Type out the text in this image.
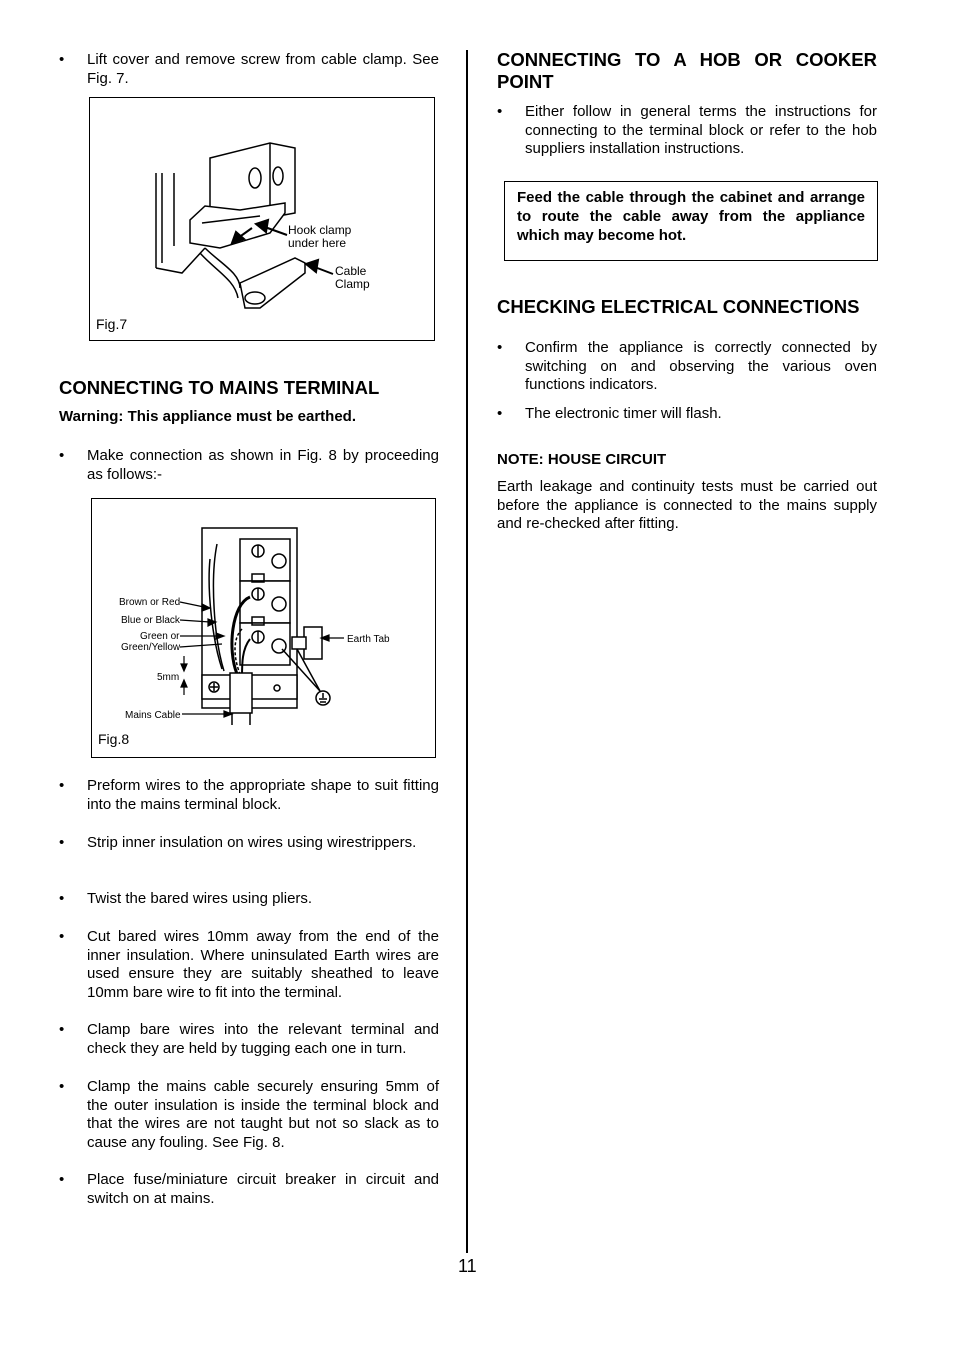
•	Lift cover and remove screw from cable clamp. See Fig. 7.
Hook clamp
under here
Cable
Clamp
Fig.7
CONNECTING TO MAINS TERMINAL
Warning: This appliance must be earthed.
•	Make connection as shown in Fig. 8 by proceeding as follows:-
Brown or Red
Blue or Black
Green or
Green/Yellow
5mm
Mains Cable
Earth Tab
Fig.8
•	Preform wires to the appropriate shape to suit fitting into the mains terminal block.
•	Strip inner insulation on wires using wirestrippers.
•	Twist the bared wires using pliers.
•	Cut bared wires 10mm away from the end of the inner insulation. Where uninsulated Earth wires are used ensure they are suitably sheathed to leave 10mm bare wire to fit into the terminal.
•	Clamp bare wires into the relevant terminal and check they are held by tugging each one in turn.
•	Clamp the mains cable securely ensuring 5mm of the outer insulation is inside the terminal block and that the wires are not taught but not so slack as to cause any fouling. See Fig. 8.
•	Place fuse/miniature circuit breaker in circuit and switch on at mains.
CONNECTING TO A HOB OR COOKER POINT
•	Either follow in general terms the instructions for connecting to the terminal block or refer to the hob suppliers installation instructions.
Feed the cable through the cabinet and arrange to route the cable away from the appliance which may become hot.
CHECKING ELECTRICAL CONNECTIONS
•	Confirm the appliance is correctly connected by switching on and observing the various oven functions indicators.
•	The electronic timer will flash.
NOTE: HOUSE CIRCUIT
Earth leakage and continuity tests must be carried out before the appliance is connected to the mains supply and re-checked after fitting.
11
